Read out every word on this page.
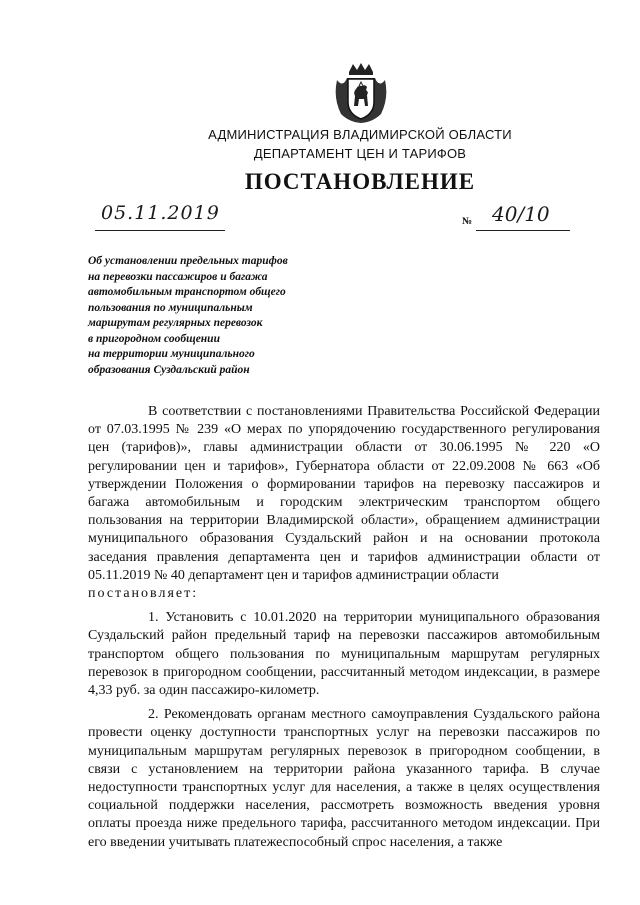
АДМИНИСТРАЦИЯ ВЛАДИМИРСКОЙ ОБЛАСТИ
ДЕПАРТАМЕНТ ЦЕН И ТАРИФОВ
ПОСТАНОВЛЕНИЕ
05.11.2019	№ 40/10
Об установлении предельных тарифов
на перевозки пассажиров и багажа
автомобильным транспортом общего
пользования по муниципальным
маршрутам регулярных перевозок
в пригородном сообщении
на территории муниципального
образования Суздальский район

В соответствии с постановлениями Правительства Российской Федерации от 07.03.1995 № 239 «О мерах по упорядочению государственного регулирования цен (тарифов)», главы администрации области от 30.06.1995 № 220 «О регулировании цен и тарифов», Губернатора области от 22.09.2008 № 663 «Об утверждении Положения о формировании тарифов на перевозку пассажиров и багажа автомобильным и городским электрическим транспортом общего пользования на территории Владимирской области», обращением администрации муниципального образования Суздальский район и на основании протокола заседания правления департамента цен и тарифов администрации области от 05.11.2019 № 40 департамент цен и тарифов администрации области
постановляет:

1. Установить с 10.01.2020 на территории муниципального образования Суздальский район предельный тариф на перевозки пассажиров автомобильным транспортом общего пользования по муниципальным маршрутам регулярных перевозок в пригородном сообщении, рассчитанный методом индексации, в размере 4,33 руб. за один пассажиро-километр.

2. Рекомендовать органам местного самоуправления Суздальского района провести оценку доступности транспортных услуг на перевозки пассажиров по муниципальным маршрутам регулярных перевозок в пригородном сообщении, в связи с установлением на территории района указанного тарифа. В случае недоступности транспортных услуг для населения, а также в целях осуществления социальной поддержки населения, рассмотреть возможность введения уровня оплаты проезда ниже предельного тарифа, рассчитанного методом индексации. При его введении учитывать платежеспособный спрос населения, а также
